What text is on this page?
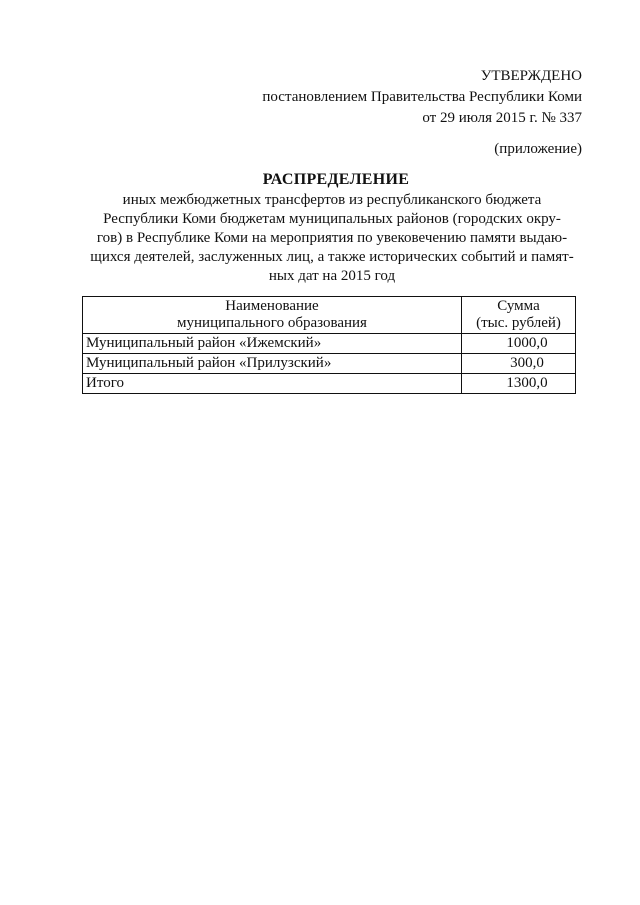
УТВЕРЖДЕНО
постановлением Правительства Республики Коми
от 29 июля 2015 г. № 337
(приложение)
РАСПРЕДЕЛЕНИЕ
иных межбюджетных трансфертов из республиканского бюджета
Республики Коми бюджетам муниципальных районов (городских окру-
гов) в Республике Коми на мероприятия по увековечению памяти выдаю-
щихся деятелей, заслуженных лиц, а также исторических событий и памят-
ных дат на 2015 год
Наименование
муниципального образования	Сумма
(тыс. рублей)

Муниципальный район «Ижемский»	1000,0
Муниципальный район «Прилузский»	300,0
Итого	1300,0
